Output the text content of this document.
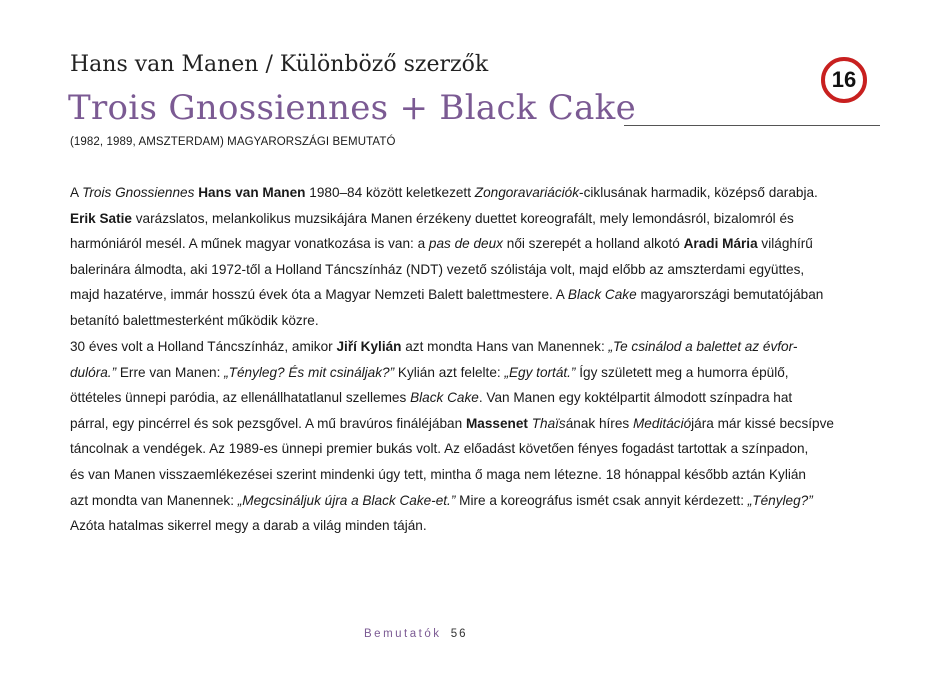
Hans van Manen / Különböző szerzők
Trois Gnossiennes + Black Cake
16
(1982, 1989, AMSZTERDAM) MAGYARORSZÁGI BEMUTATÓ
A Trois Gnossiennes Hans van Manen 1980–84 között keletkezett Zongoravariációk-ciklusának harmadik, középső darabja.
Erik Satie varázslatos, melankolikus muzsikájára Manen érzékeny duettet koreografált, mely lemondásról, bizalomról és
harmóniáról mesél. A műnek magyar vonatkozása is van: a pas de deux női szerepét a holland alkotó Aradi Mária világhírű
balerinára álmodta, aki 1972-től a Holland Táncszínház (NDT) vezető szólistája volt, majd előbb az amszterdami együttes,
majd hazatérve, immár hosszú évek óta a Magyar Nemzeti Balett balettmestere. A Black Cake magyarországi bemutatójában
betanító balettmesterként működik közre.
30 éves volt a Holland Táncszínház, amikor Jiří Kylián azt mondta Hans van Manennek: „Te csinálod a balettet az évfor-
dulóra.” Erre van Manen: „Tényleg? És mit csináljak?” Kylián azt felelte: „Egy tortát.” Így született meg a humorra épülő,
öttételes ünnepi paródia, az ellenállhatatlanul szellemes Black Cake. Van Manen egy koktélpartit álmodott színpadra hat
párral, egy pincérrel és sok pezsgővel. A mű bravúros fináléjában Massenet Thaïsának híres Meditációjára már kissé becsípve
táncolnak a vendégek. Az 1989-es ünnepi premier bukás volt. Az előadást követően fényes fogadást tartottak a színpadon,
és van Manen visszaemlékezései szerint mindenki úgy tett, mintha ő maga nem létezne. 18 hónappal később aztán Kylián
azt mondta van Manennek: „Megcsináljuk újra a Black Cake-et.” Mire a koreográfus ismét csak annyit kérdezett: „Tényleg?”
Azóta hatalmas sikerrel megy a darab a világ minden táján.
Bemutatók 56
